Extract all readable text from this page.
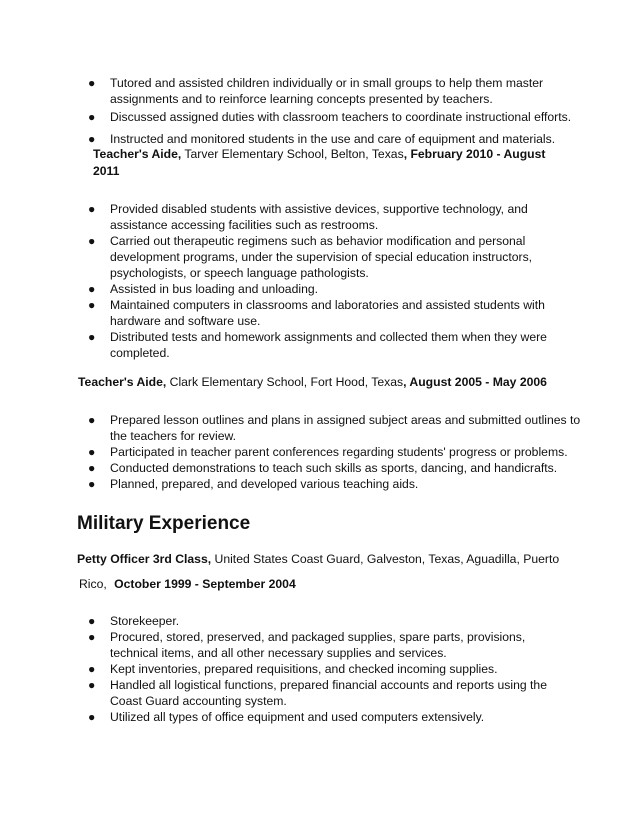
● Tutored and assisted children individually or in small groups to help them master assignments and to reinforce learning concepts presented by teachers.
● Discussed assigned duties with classroom teachers to coordinate instructional efforts.
● Instructed and monitored students in the use and care of equipment and materials.
Teacher's Aide, Tarver Elementary School, Belton, Texas, February 2010 - August 2011
● Provided disabled students with assistive devices, supportive technology, and assistance accessing facilities such as restrooms.
● Carried out therapeutic regimens such as behavior modification and personal development programs, under the supervision of special education instructors, psychologists, or speech language pathologists.
● Assisted in bus loading and unloading.
● Maintained computers in classrooms and laboratories and assisted students with hardware and software use.
● Distributed tests and homework assignments and collected them when they were completed.
Teacher's Aide, Clark Elementary School, Fort Hood, Texas, August 2005 - May 2006
● Prepared lesson outlines and plans in assigned subject areas and submitted outlines to the teachers for review.
● Participated in teacher parent conferences regarding students' progress or problems.
● Conducted demonstrations to teach such skills as sports, dancing, and handicrafts.
● Planned, prepared, and developed various teaching aids.
Military Experience
Petty Officer 3rd Class, United States Coast Guard, Galveston, Texas, Aguadilla, Puerto
Rico, October 1999 - September 2004
● Storekeeper.
● Procured, stored, preserved, and packaged supplies, spare parts, provisions, technical items, and all other necessary supplies and services.
● Kept inventories, prepared requisitions, and checked incoming supplies.
● Handled all logistical functions, prepared financial accounts and reports using the Coast Guard accounting system.
● Utilized all types of office equipment and used computers extensively.
